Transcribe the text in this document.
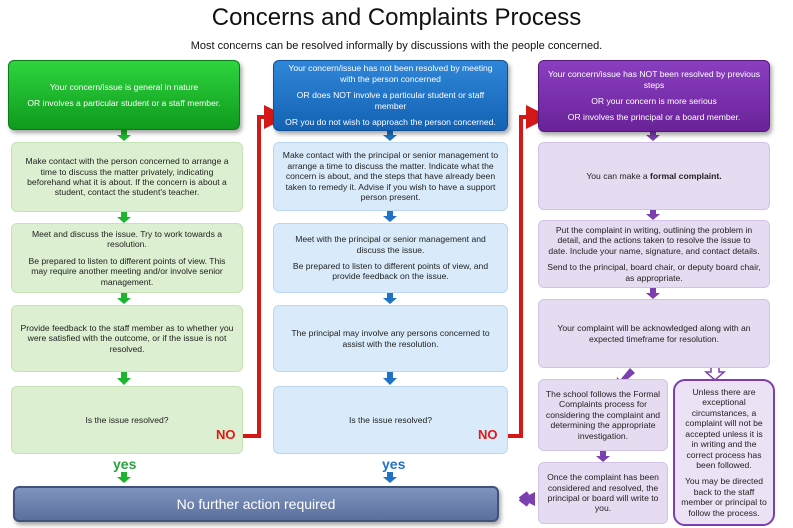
Concerns and Complaints Process
Most concerns can be resolved informally by discussions with the people concerned.

Your concern/issue is general in nature

OR involves a particular student or a staff member.

Make contact with the person concerned to arrange a time to discuss the matter privately, indicating beforehand what it is about. If the concern is about a student, contact the student's teacher.

Meet and discuss the issue. Try to work towards a resolution.

Be prepared to listen to different points of view. This may require another meeting and/or involve senior management.

Provide feedback to the staff member as to whether you were satisfied with the outcome, or if the issue is not resolved.

Is the issue resolved?

NO
yes

Your concern/issue has not been resolved by meeting with the person concerned

OR does NOT involve a particular student or staff member

OR you do not wish to approach the person concerned.

Make contact with the principal or senior management to arrange a time to discuss the matter. Indicate what the concern is about, and the steps that have already been taken to remedy it. Advise if you wish to have a support person present.

Meet with the principal or senior management and discuss the issue.

Be prepared to listen to different points of view, and provide feedback on the issue.

The principal may involve any persons concerned to assist with the resolution.

Is the issue resolved?

NO
yes

Your concern/issue has NOT been resolved by previous steps

OR your concern is more serious

OR involves the principal or a board member.

You can make a formal complaint.

Put the complaint in writing, outlining the problem in detail, and the actions taken to resolve the issue to date. Include your name, signature, and contact details.

Send to the principal, board chair, or deputy board chair, as appropriate.

Your complaint will be acknowledged along with an expected timeframe for resolution.

The school follows the Formal Complaints process for considering the complaint and determining the appropriate investigation.

Once the complaint has been considered and resolved, the principal or board will write to you.

Unless there are exceptional circumstances, a complaint will not be accepted unless it is in writing and the correct process has been followed.

You may be directed back to the staff member or principal to follow the process.

No further action required
